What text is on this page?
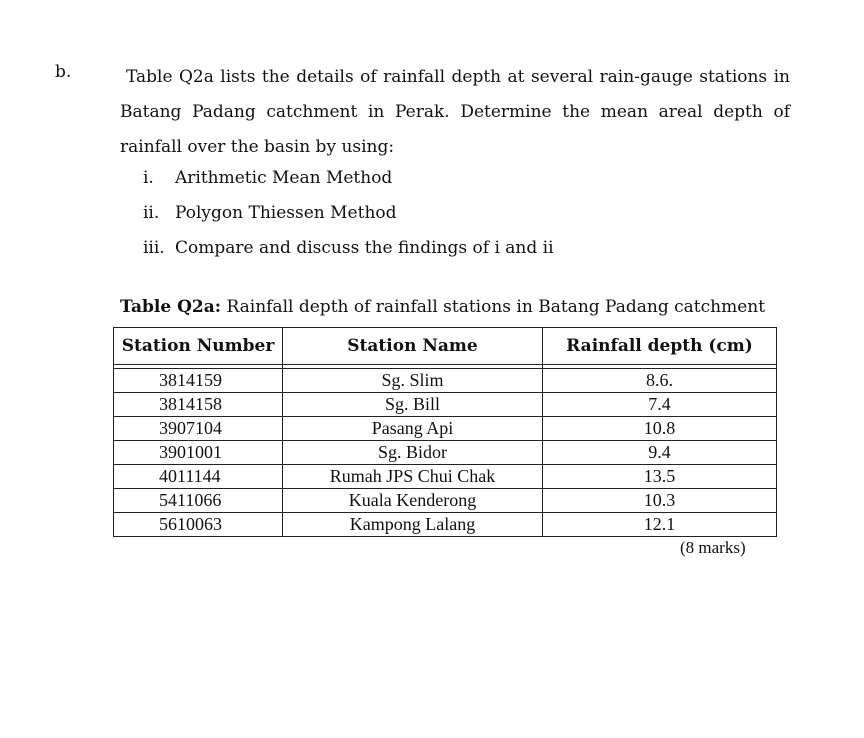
b.	Table Q2a lists the details of rainfall depth at several rain-gauge stations in Batang Padang catchment in Perak. Determine the mean areal depth of rainfall over the basin by using:
i. Arithmetic Mean Method
ii. Polygon Thiessen Method
iii. Compare and discuss the findings of i and ii
Table Q2a: Rainfall depth of rainfall stations in Batang Padang catchment
Station Number	Station Name	Rainfall depth (cm)

3814159	Sg. Slim	8.6.
3814158	Sg. Bill	7.4
3907104	Pasang Api	10.8
3901001	Sg. Bidor	9.4
4011144	Rumah JPS Chui Chak	13.5
5411066	Kuala Kenderong	10.3
5610063	Kampong Lalang	12.1
(8 marks)
